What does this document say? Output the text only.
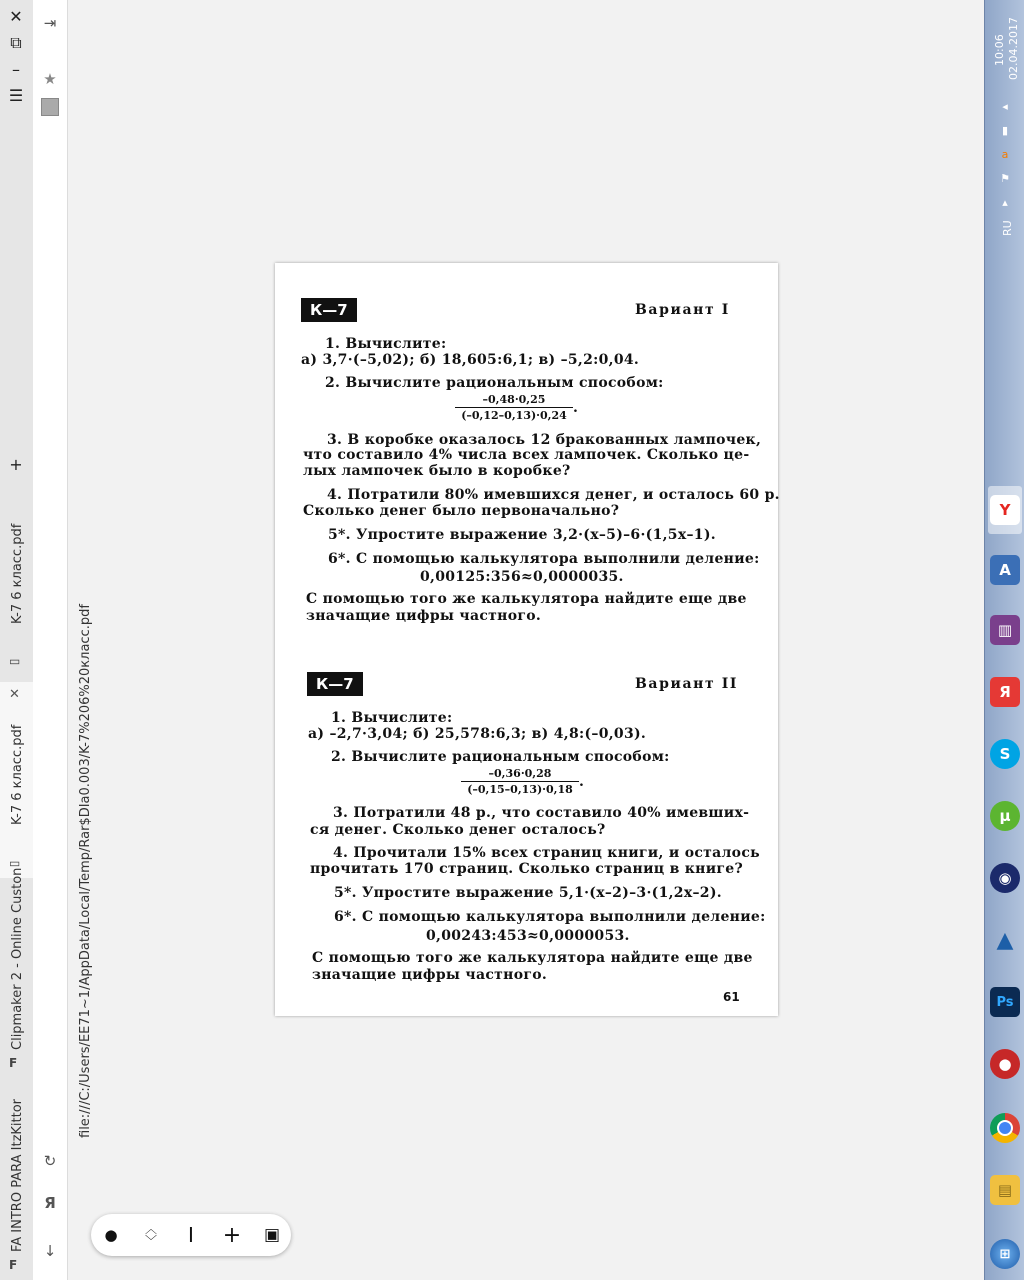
✕
⧉
–
☰
+
K-7 6 класс.pdf
▭
✕
K-7 6 класс.pdf
▭
Clipmaker 2 - Online Custon
F
FA INTRO PARA ItzKittor
F
⇥
★
file:///C:/Users/EE71~1/AppData/Local/Temp/Rar$DIa0.003/K-7%206%20класс.pdf
↻
Я
↓
К—7	Вариант I
1. Вычислите:
а) 3,7·(–5,02); б) 18,605:6,1; в) –5,2:0,04.
2. Вычислите рациональным способом:
$\frac{-0,48\cdot 0,25}{(-0,12-0,13)\cdot 0,24}$ .
3. В коробке оказалось 12 бракованных лампочек,
что составило 4% числа всех лампочек. Сколько це-
лых лампочек было в коробке?
4. Потратили 80% имевшихся денег, и осталось 60 р.
Сколько денег было первоначально?
5*. Упростите выражение 3,2·(x–5)–6·(1,5x–1).
6*. С помощью калькулятора выполнили деление:
0,00125:356≈0,0000035.
С помощью того же калькулятора найдите еще две
значащие цифры частного.
К—7	Вариант II
1. Вычислите:
а) –2,7·3,04; б) 25,578:6,3; в) 4,8:(–0,03).
2. Вычислите рациональным способом:
$\frac{-0,36\cdot 0,28}{(-0,15-0,13)\cdot 0,18}$ .
3. Потратили 48 р., что составило 40% имевших-
ся денег. Сколько денег осталось?
4. Прочитали 15% всех страниц книги, и осталось
прочитать 170 страниц. Сколько страниц в книге?
5*. Упростите выражение 5,1·(x–2)–3·(1,2x–2).
6*. С помощью калькулятора выполнили деление:
0,00243:453≈0,0000053.
С помощью того же калькулятора найдите еще две
значащие цифры частного.
61
●	︿
﹀	I	+ ▣
10:06 02.04.2017
◂
▮
a
⚑
▴
RU
Y
A
▥
Я
S
µ
◉
▲
Ps
●
▤
⊞
